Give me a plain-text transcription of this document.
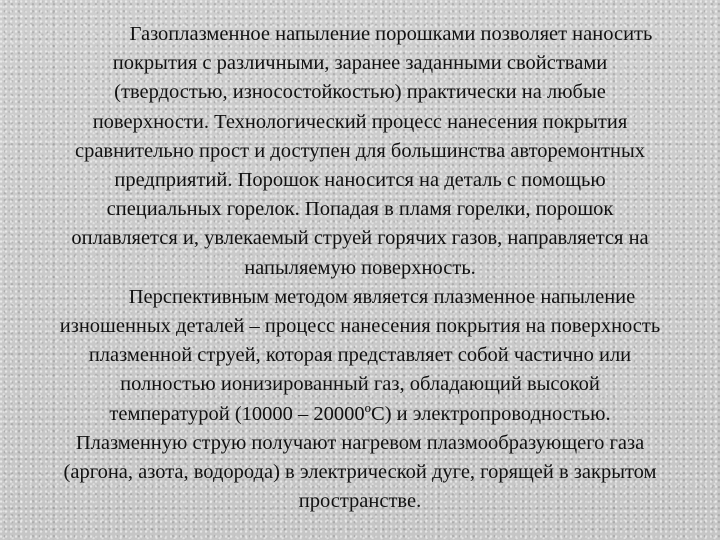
Газоплазменное напыление порошками позволяет наносить
покрытия с различными, заранее заданными свойствами
(твердостью, износостойкостью) практически на любые
поверхности. Технологический процесс нанесения покрытия
сравнительно прост и доступен для большинства авторемонтных
предприятий. Порошок наносится на деталь с помощью
специальных горелок. Попадая в пламя горелки, порошок
оплавляется и, увлекаемый струей горячих газов, направляется на
напыляемую поверхность.
Перспективным методом является плазменное напыление
изношенных деталей – процесс нанесения покрытия на поверхность
плазменной струей, которая представляет собой частично или
полностью ионизированный газ, обладающий высокой
температурой (10000 – 20000ºC) и электропроводностью.
Плазменную струю получают нагревом плазмообразующего газа
(аргона, азота, водорода) в электрической дуге, горящей в закрытом
пространстве.
